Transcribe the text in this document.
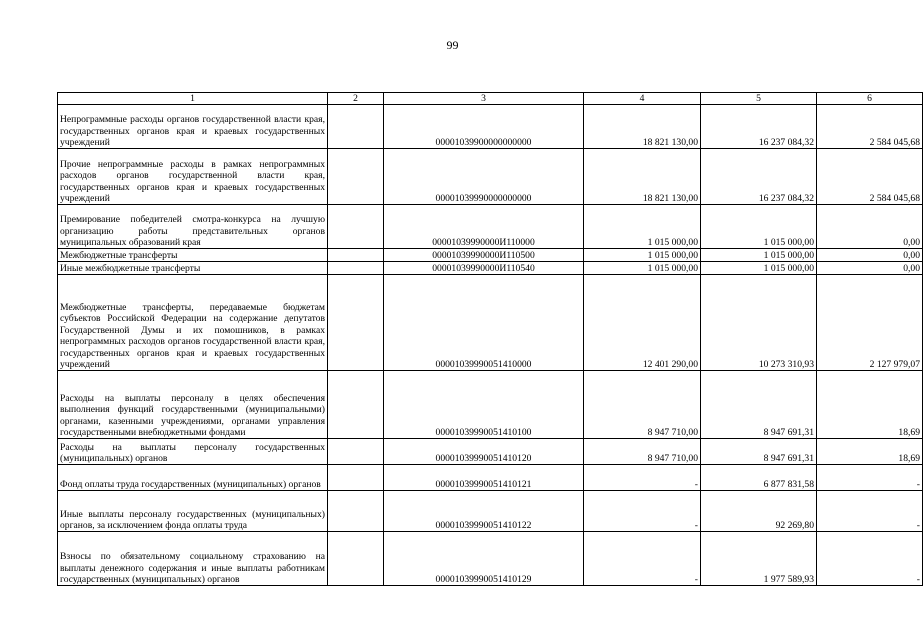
99
1	2	3	4	5	6
Непрограммные расходы органов государственной власти края, государственных органов края и краевых государственных учреждений		00001039900000000000	18 821 130,00	16 237 084,32	2 584 045,68
Прочие непрограммные расходы в рамках непрограммных расходов органов государственной власти края, государственных органов края и краевых государственных учреждений		00001039990000000000	18 821 130,00	16 237 084,32	2 584 045,68
Премирование победителей смотра-конкурса на лучшую организацию работы представительных органов муниципальных образований края		00001039990000И110000	1 015 000,00	1 015 000,00	0,00
Межбюджетные трансферты		00001039990000И110500	1 015 000,00	1 015 000,00	0,00
Иные межбюджетные трансферты		00001039990000И110540	1 015 000,00	1 015 000,00	0,00
Межбюджетные трансферты, передаваемые бюджетам субъектов Российской Федерации на содержание депутатов Государственной Думы и их помошников, в рамках непрограммных расходов органов государственной власти края, государственных органов края и краевых государственных учреждений		00001039990051410000	12 401 290,00	10 273 310,93	2 127 979,07
Расходы на выплаты персоналу в целях обеспечения выполнения функций государственными (муниципальными) органами, казенными учреждениями, органами управления государственными внебюджетными фондами		00001039990051410100	8 947 710,00	8 947 691,31	18,69
Расходы на выплаты персоналу государственных (муниципальных) органов		00001039990051410120	8 947 710,00	8 947 691,31	18,69
Фонд оплаты труда государственных (муниципальных) органов		00001039990051410121	-	6 877 831,58	-
Иные выплаты персоналу государственных (муниципальных) органов, за исключением фонда оплаты труда		00001039990051410122	-	92 269,80	-
Взносы по обязательному социальному страхованию на выплаты денежного содержания и иные выплаты работникам государственных (муниципальных) органов		00001039990051410129	-	1 977 589,93	-
